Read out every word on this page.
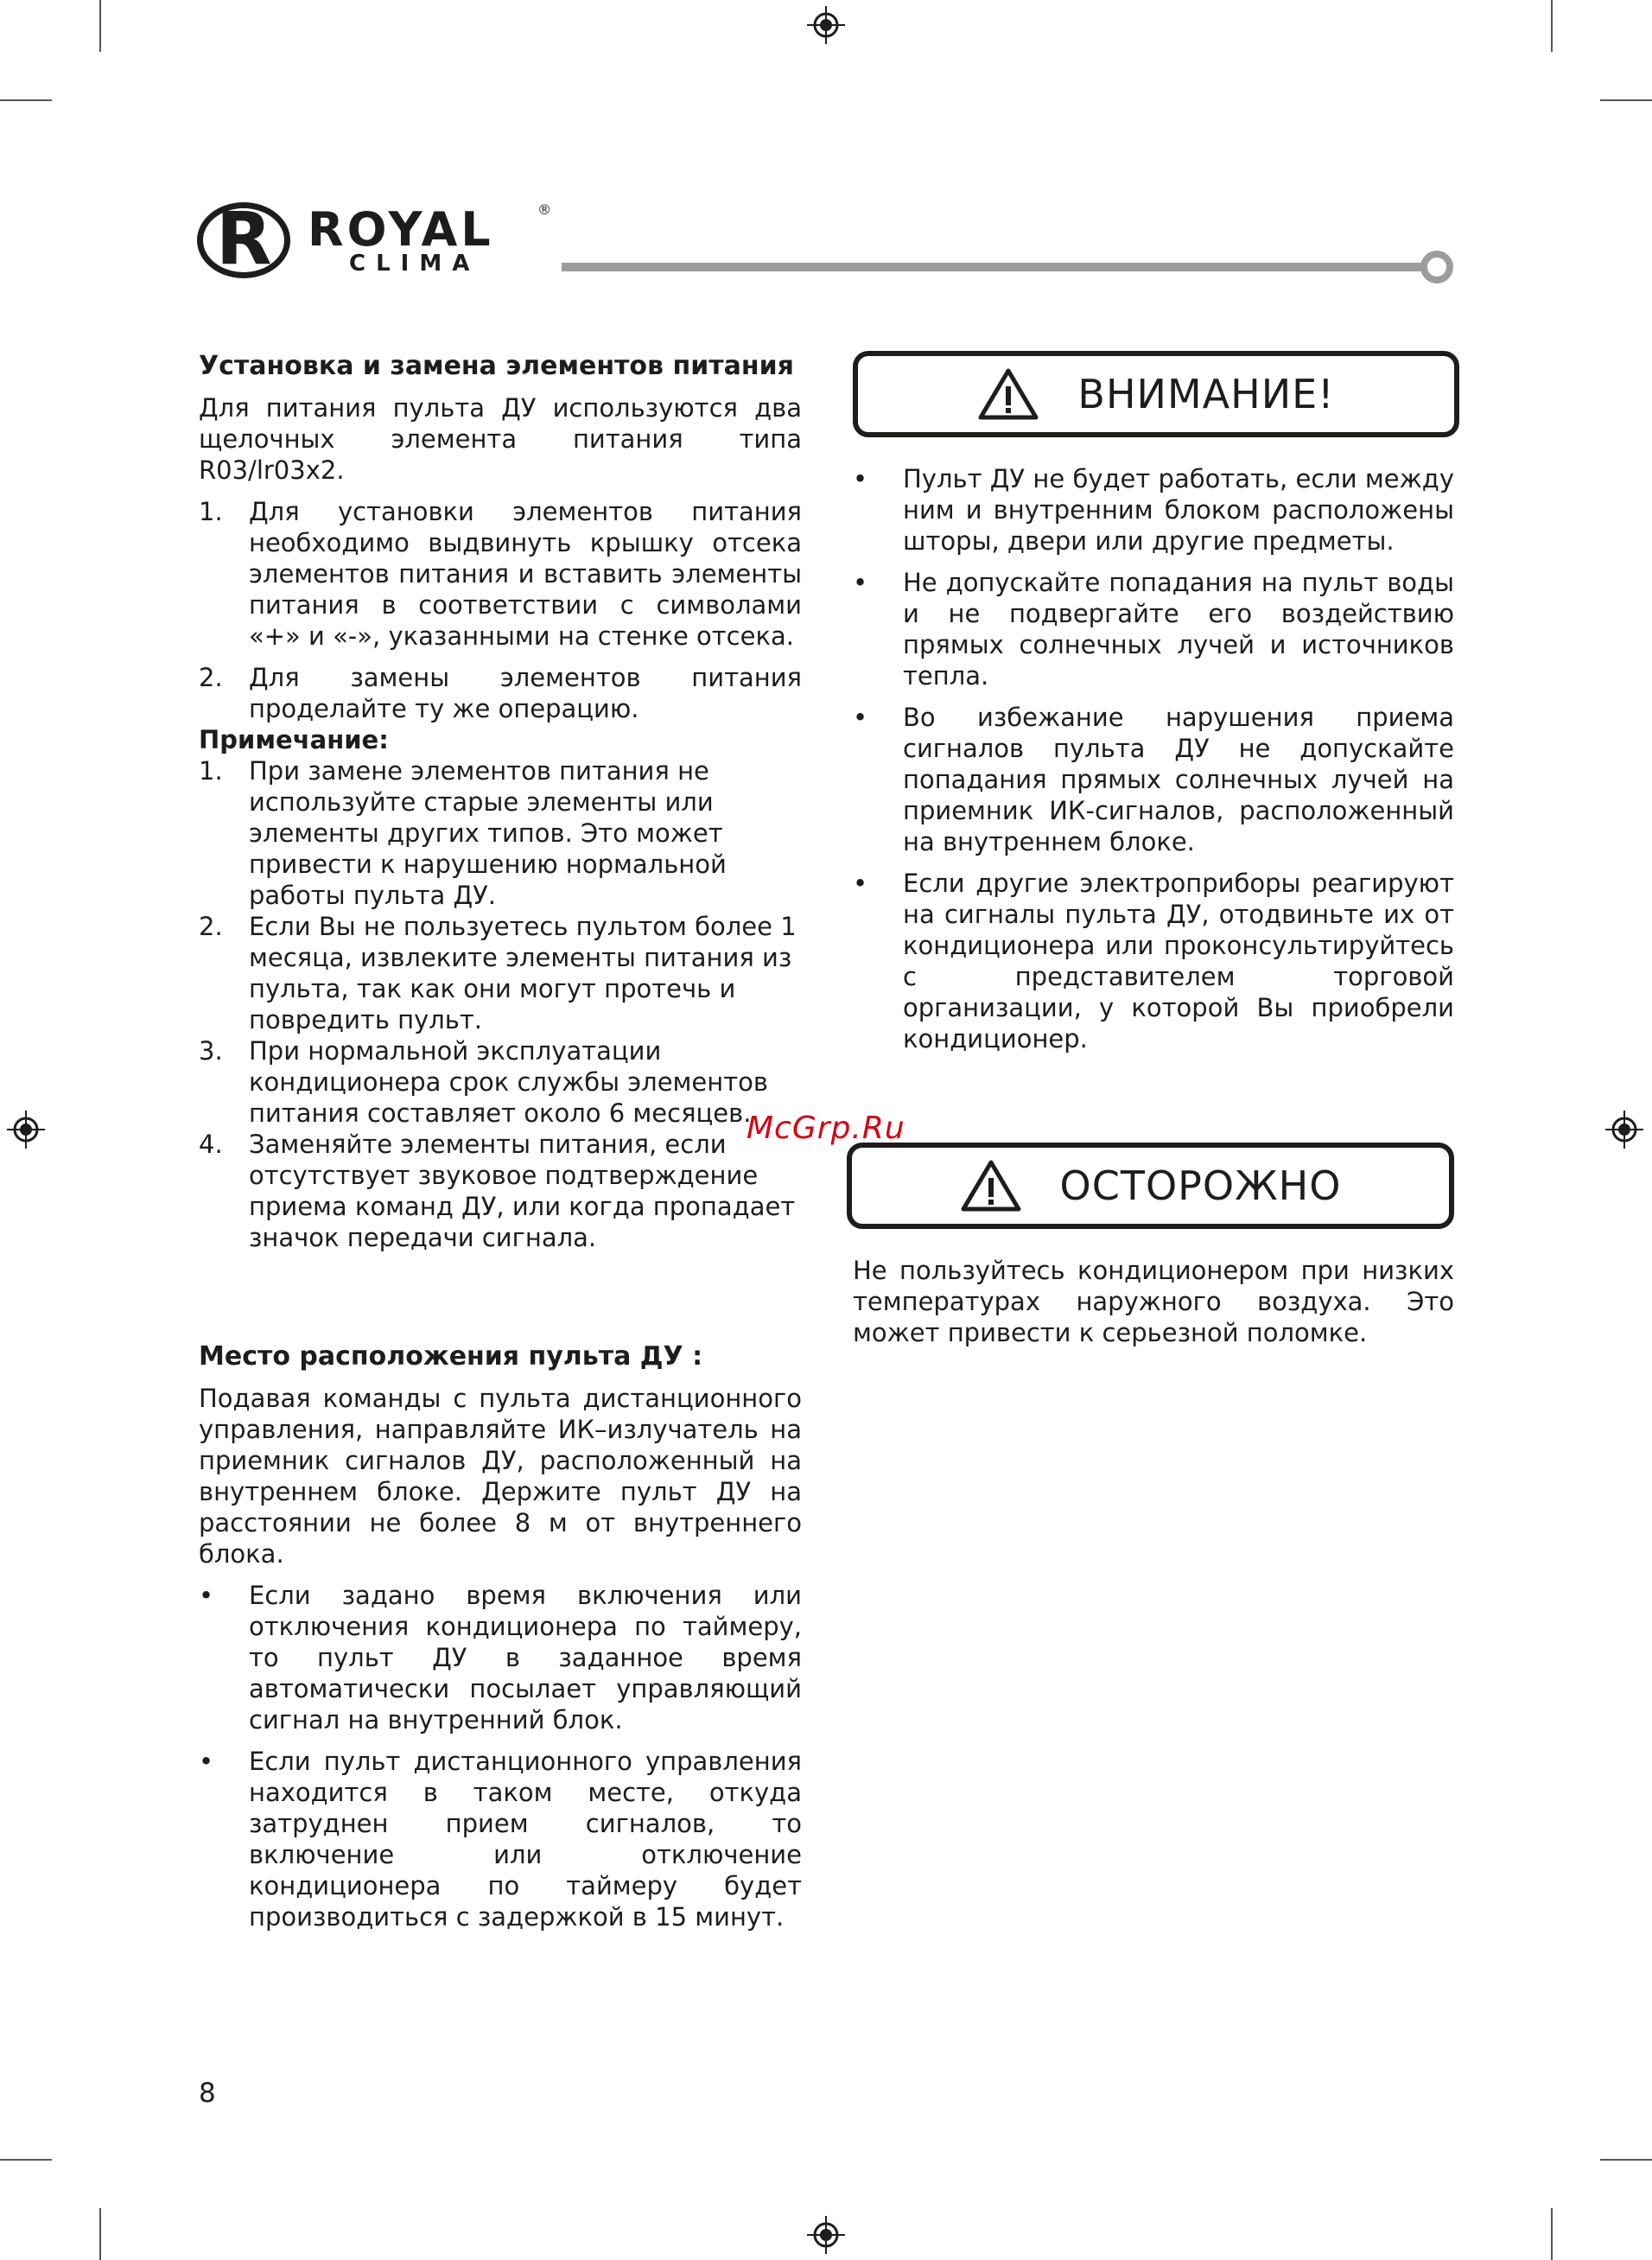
R ROYAL	®
CLIMA
Установка и замена элементов питания
Для питания пульта ДУ используются два щелочных элемента питания типа R03/lr03x2.
1. Для установки элементов питания необходимо выдвинуть крышку отсека элементов питания и вставить элементы питания в соответствии с символами «+» и «-», указанными на стенке отсека.
2. Для замены элементов питания проделайте ту же операцию.
Примечание:
1. При замене элементов питания не используйте старые элементы или элементы других типов. Это может привести к нарушению нормальной работы пульта ДУ.
2. Если Вы не пользуетесь пультом более 1 месяца, извлеките элементы питания из пульта, так как они могут протечь и повредить пульт.
3. При нормальной эксплуатации кондиционера срок службы элементов питания составляет около 6 месяцев.
4. Заменяйте элементы питания, если отсутствует звуковое подтверждение приема команд ДУ, или когда пропадает значок передачи сигнала.
Место расположения пульта ДУ :
Подавая команды с пульта дистанционного управления, направляйте ИК–излучатель на приемник сигналов ДУ, расположенный на внутреннем блоке. Держите пульт ДУ на расстоянии не более 8 м от внутреннего блока.
• Если задано время включения или отключения кондиционера по таймеру, то пульт ДУ в заданное время автоматически посылает управляющий сигнал на внутренний блок.
• Если пульт дистанционного управления находится в таком месте, откуда затруднен прием сигналов, то включение или отключение кондиционера по таймеру будет производиться с задержкой в 15 минут.
ВНИМАНИЕ!
• Пульт ДУ не будет работать, если между ним и внутренним блоком расположены шторы, двери или другие предметы.
• Не допускайте попадания на пульт воды и не подвергайте его воздействию прямых солнечных лучей и источников тепла.
• Во избежание нарушения приема сигналов пульта ДУ не допускайте попадания прямых солнечных лучей на приемник ИК-сигналов, расположенный на внутреннем блоке.
• Если другие электроприборы реагируют на сигналы пульта ДУ, отодвиньте их от кондиционера или проконсультируйтесь с представителем торговой организации, у которой Вы приобрели кондиционер.
ОСТОРОЖНО
Не пользуйтесь кондиционером при низких температурах наружного воздуха. Это может привести к серьезной поломке.
McGrp.Ru
8
